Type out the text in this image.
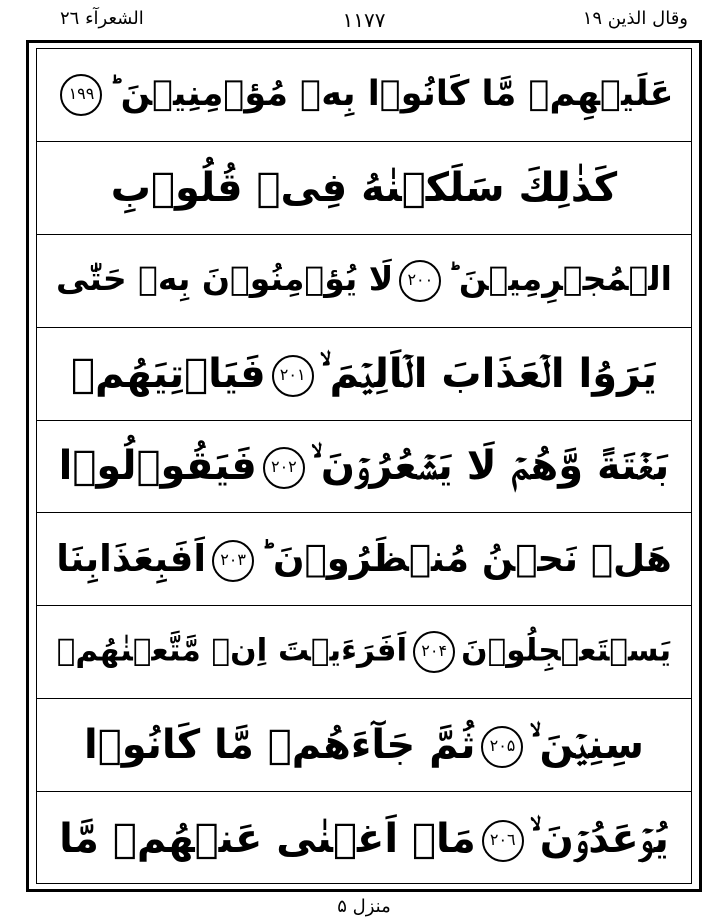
الشعرآء ۲٦	۱۱۷۷	وقال الذين ۱۹
عَلَيۡهِمۡ مَّا كَانُوۡا بِهٖ مُؤۡمِنِيۡنَ ؕ۱۹۹
كَذٰلِكَ سَلَكۡنٰهُ فِىۡ قُلُوۡبِ
الۡمُجۡرِمِيۡنَ ؕ۲۰۰لَا يُؤۡمِنُوۡنَ بِهٖ حَتّٰى
يَرَوُا الۡعَذَابَ الۡاَلِيۡمَ ۙ۲۰۱فَيَاۡتِيَهُمۡ
بَغۡتَةً وَّهُمۡ لَا يَشۡعُرُوۡنَ ۙ۲۰۲فَيَقُوۡلُوۡا
هَلۡ نَحۡنُ مُنۡظَرُوۡنَ ؕ۲۰۳اَفَبِعَذَابِنَا
يَسۡتَعۡجِلُوۡنَ۲۰۴اَفَرَءَيۡتَ اِنۡ مَّتَّعۡنٰهُمۡ
سِنِيۡنَ ۙ۲۰۵ثُمَّ جَآءَهُمۡ مَّا كَانُوۡا
يُوۡعَدُوۡنَ ۙ۲۰٦مَاۤ اَغۡنٰى عَنۡهُمۡ مَّا
منزل ۵
